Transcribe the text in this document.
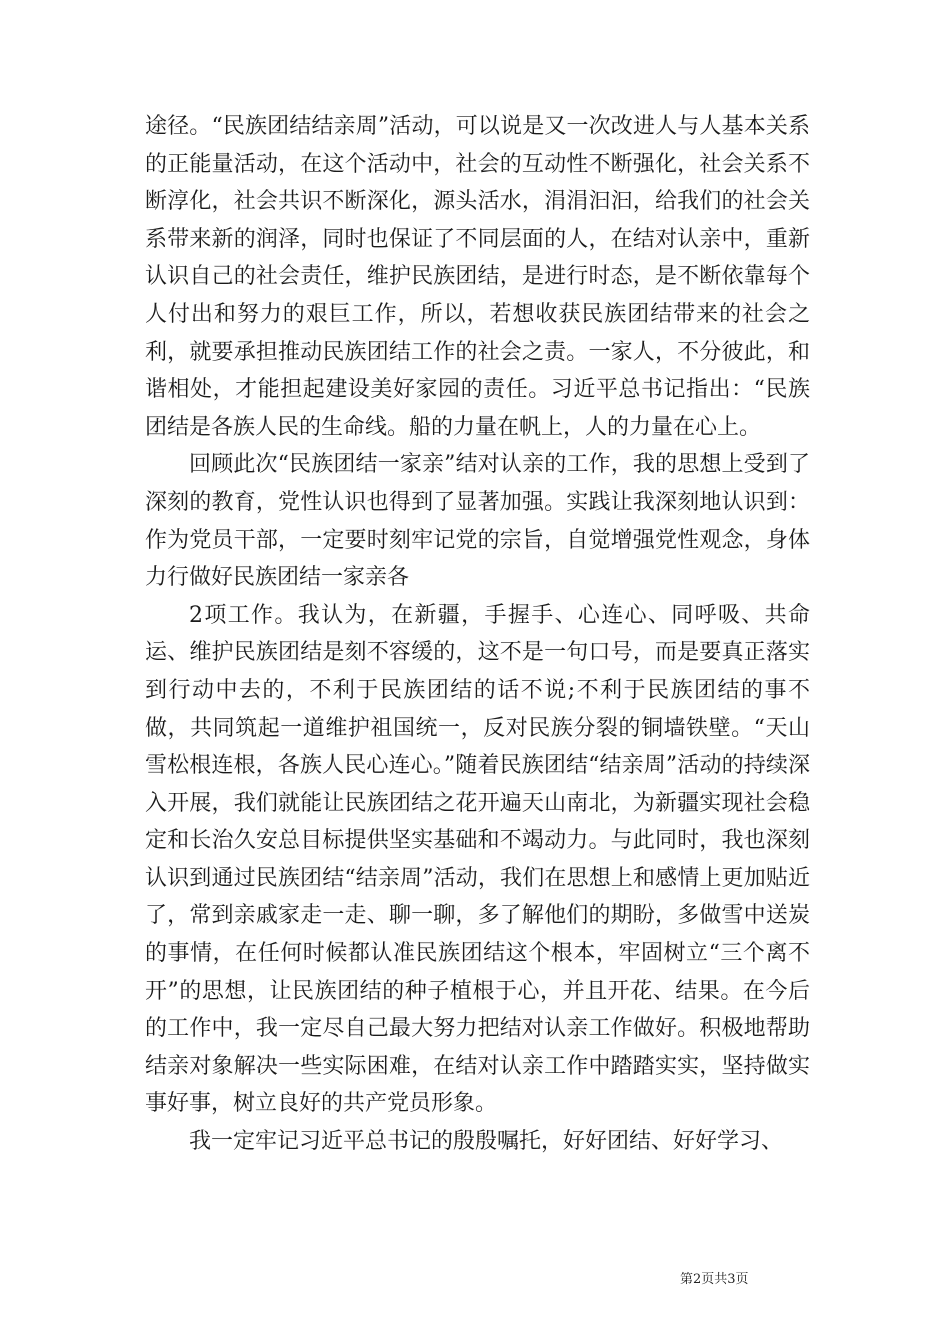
途径。“民族团结结亲周”活动，可以说是又一次改进人与人基本关系的正能量活动，在这个活动中，社会的互动性不断强化，社会关系不断淳化，社会共识不断深化，源头活水，涓涓汩汩，给我们的社会关系带来新的润泽，同时也保证了不同层面的人，在结对认亲中，重新认识自己的社会责任，维护民族团结，是进行时态，是不断依靠每个人付出和努力的艰巨工作，所以，若想收获民族团结带来的社会之利，就要承担推动民族团结工作的社会之责。一家人，不分彼此，和谐相处，才能担起建设美好家园的责任。习近平总书记指出：“民族团结是各族人民的生命线。船的力量在帆上，人的力量在心上。

回顾此次“民族团结一家亲”结对认亲的工作，我的思想上受到了深刻的教育，党性认识也得到了显著加强。实践让我深刻地认识到：作为党员干部，一定要时刻牢记党的宗旨，自觉增强党性观念，身体力行做好民族团结一家亲各

2项工作。我认为，在新疆，手握手、心连心、同呼吸、共命运、维护民族团结是刻不容缓的，这不是一句口号，而是要真正落实到行动中去的，不利于民族团结的话不说;不利于民族团结的事不做，共同筑起一道维护祖国统一，反对民族分裂的铜墙铁壁。“天山雪松根连根，各族人民心连心。”随着民族团结“结亲周”活动的持续深入开展，我们就能让民族团结之花开遍天山南北，为新疆实现社会稳定和长治久安总目标提供坚实基础和不竭动力。与此同时，我也深刻认识到通过民族团结“结亲周”活动，我们在思想上和感情上更加贴近了，常到亲戚家走一走、聊一聊，多了解他们的期盼，多做雪中送炭的事情，在任何时候都认准民族团结这个根本，牢固树立“三个离不开”的思想，让民族团结的种子植根于心，并且开花、结果。在今后的工作中，我一定尽自己最大努力把结对认亲工作做好。积极地帮助结亲对象解决一些实际困难，在结对认亲工作中踏踏实实，坚持做实事好事，树立良好的共产党员形象。

我一定牢记习近平总书记的殷殷嘱托，好好团结、好好学习、

第2页共3页
